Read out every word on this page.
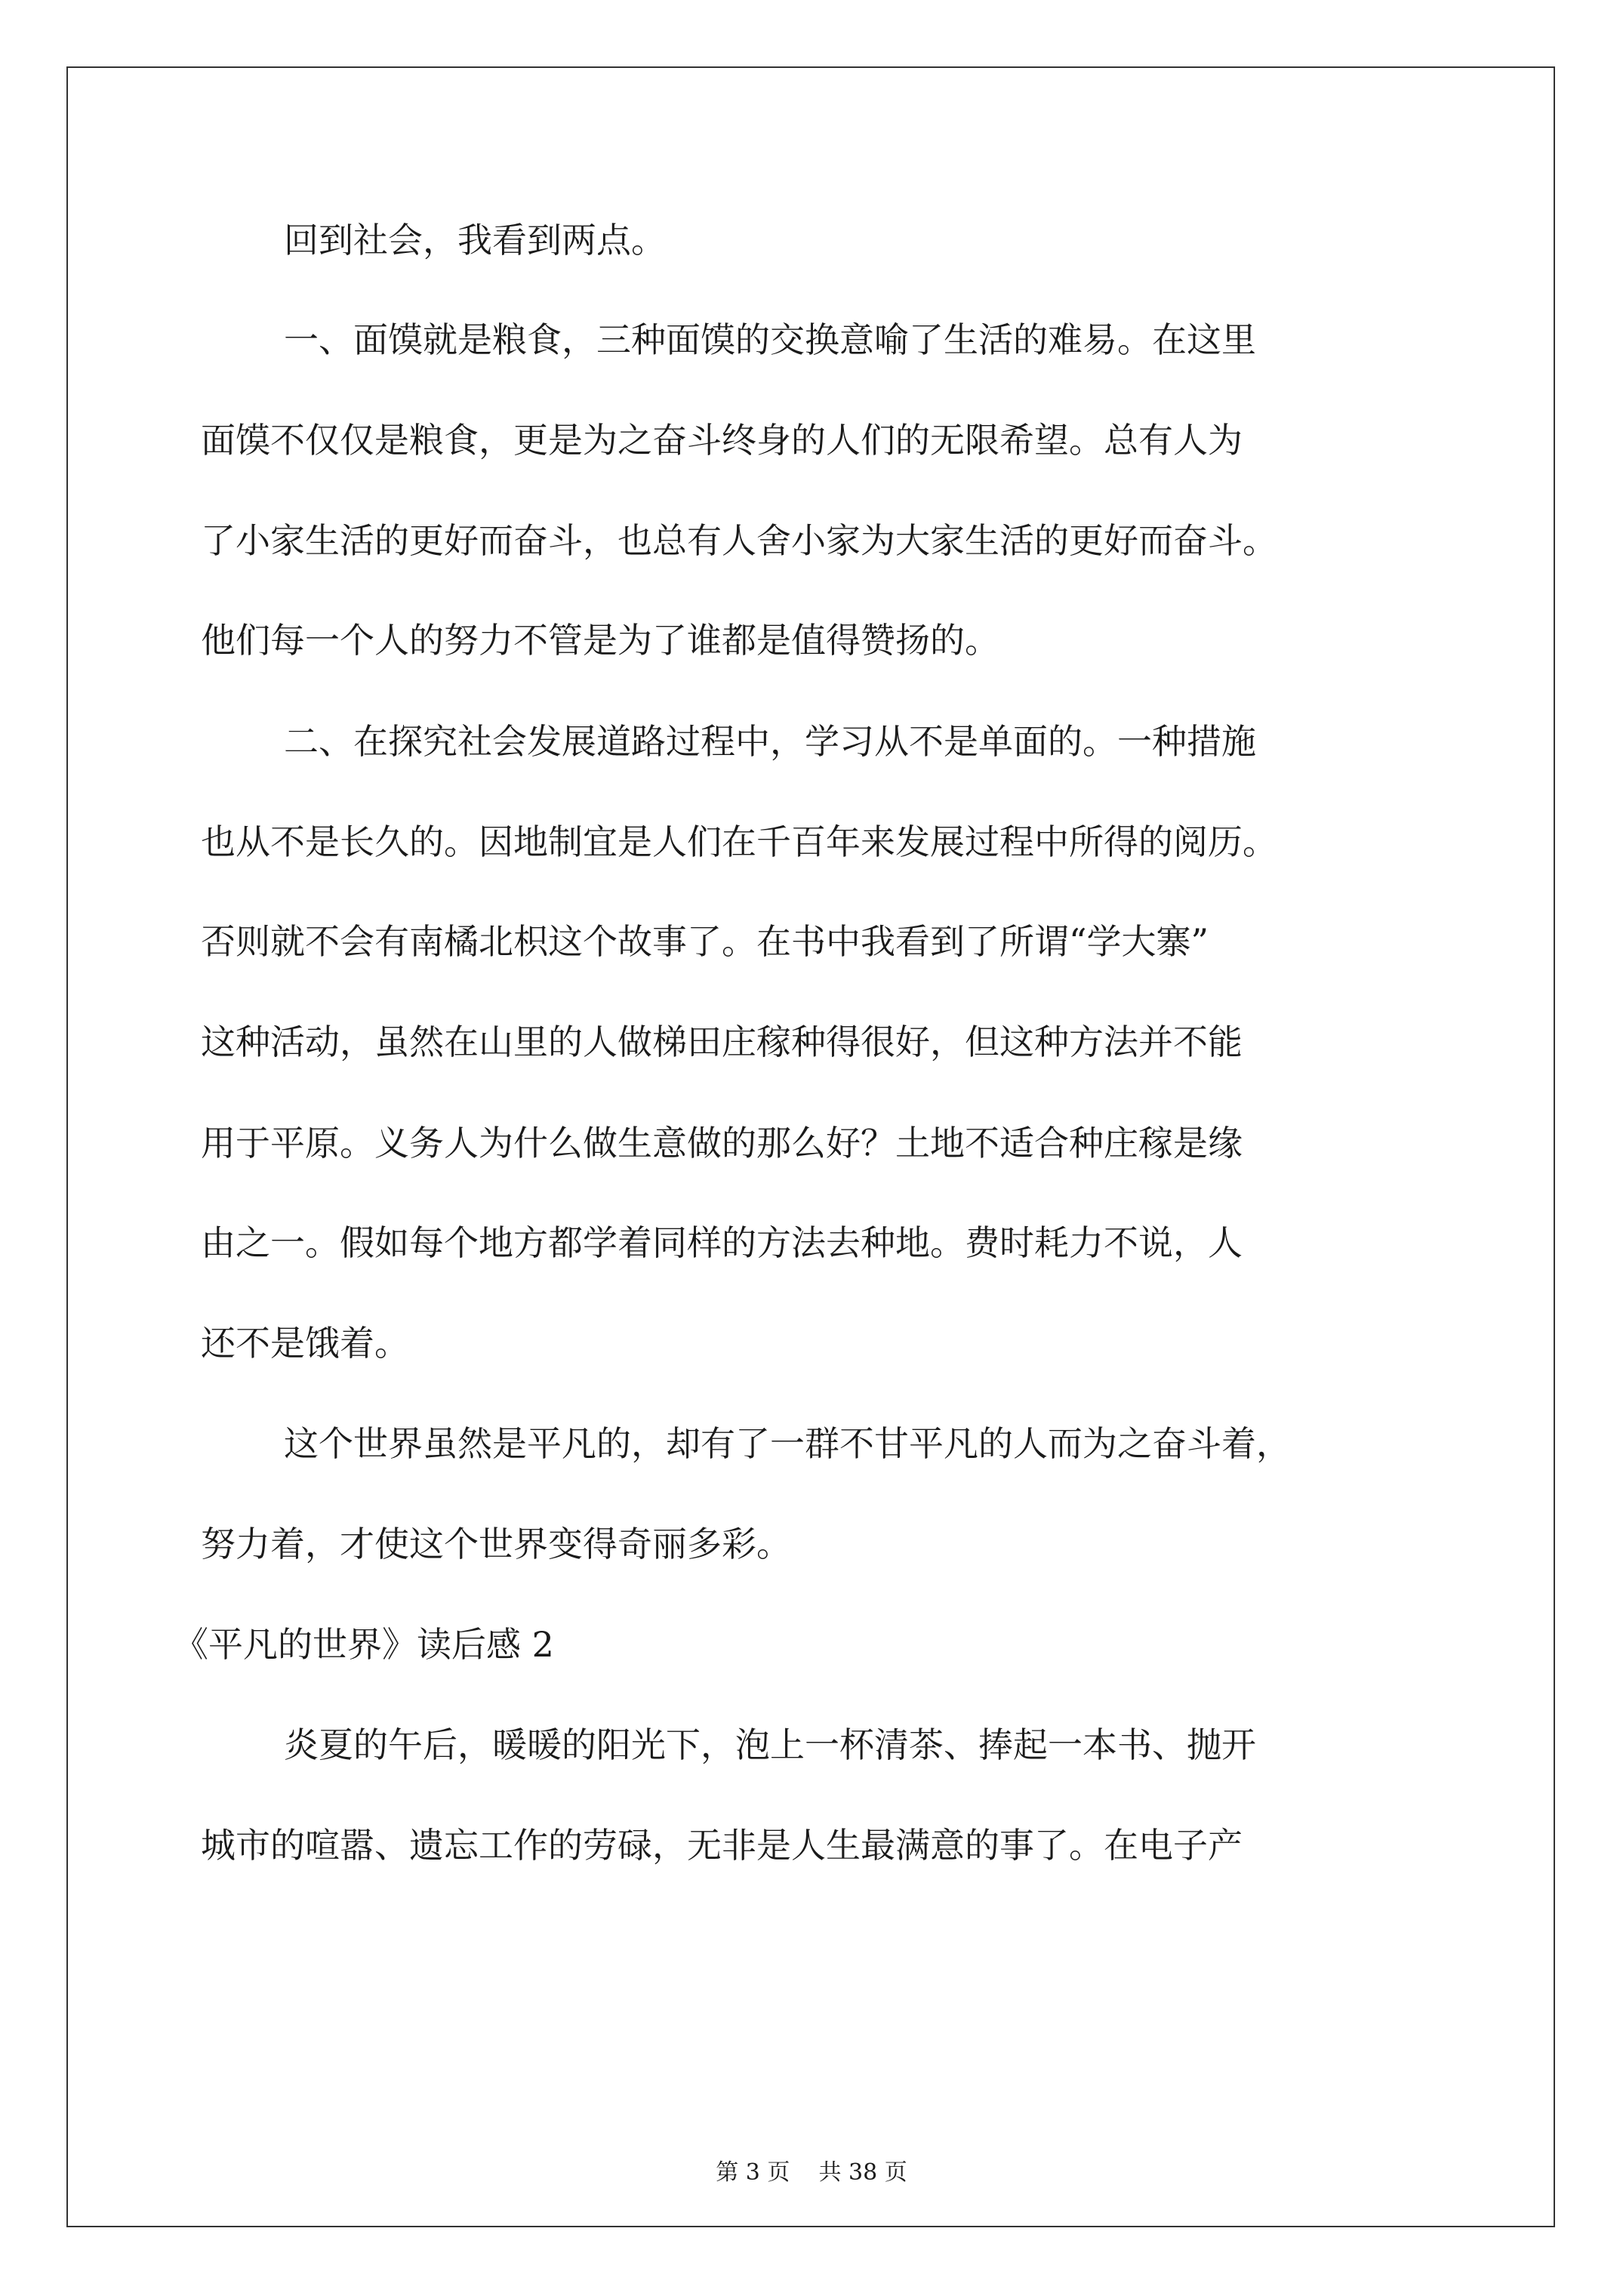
回到社会，我看到两点。
一、面馍就是粮食，三种面馍的交换意喻了生活的难易。在这里
面馍不仅仅是粮食，更是为之奋斗终身的人们的无限希望。总有人为
了小家生活的更好而奋斗，也总有人舍小家为大家生活的更好而奋斗。
他们每一个人的努力不管是为了谁都是值得赞扬的。
二、在探究社会发展道路过程中，学习从不是单面的。一种措施
也从不是长久的。因地制宜是人们在千百年来发展过程中所得的阅历。
否则就不会有南橘北枳这个故事了。在书中我看到了所谓“学大寨”
这种活动，虽然在山里的人做梯田庄稼种得很好，但这种方法并不能
用于平原。义务人为什么做生意做的那么好？土地不适合种庄稼是缘
由之一。假如每个地方都学着同样的方法去种地。费时耗力不说，人
还不是饿着。
这个世界虽然是平凡的，却有了一群不甘平凡的人而为之奋斗着，
努力着，才使这个世界变得奇丽多彩。
《平凡的世界》读后感 2
炎夏的午后，暖暖的阳光下，泡上一杯清茶、捧起一本书、抛开
城市的喧嚣、遗忘工作的劳碌，无非是人生最满意的事了。在电子产
第 3 页    共 38 页
